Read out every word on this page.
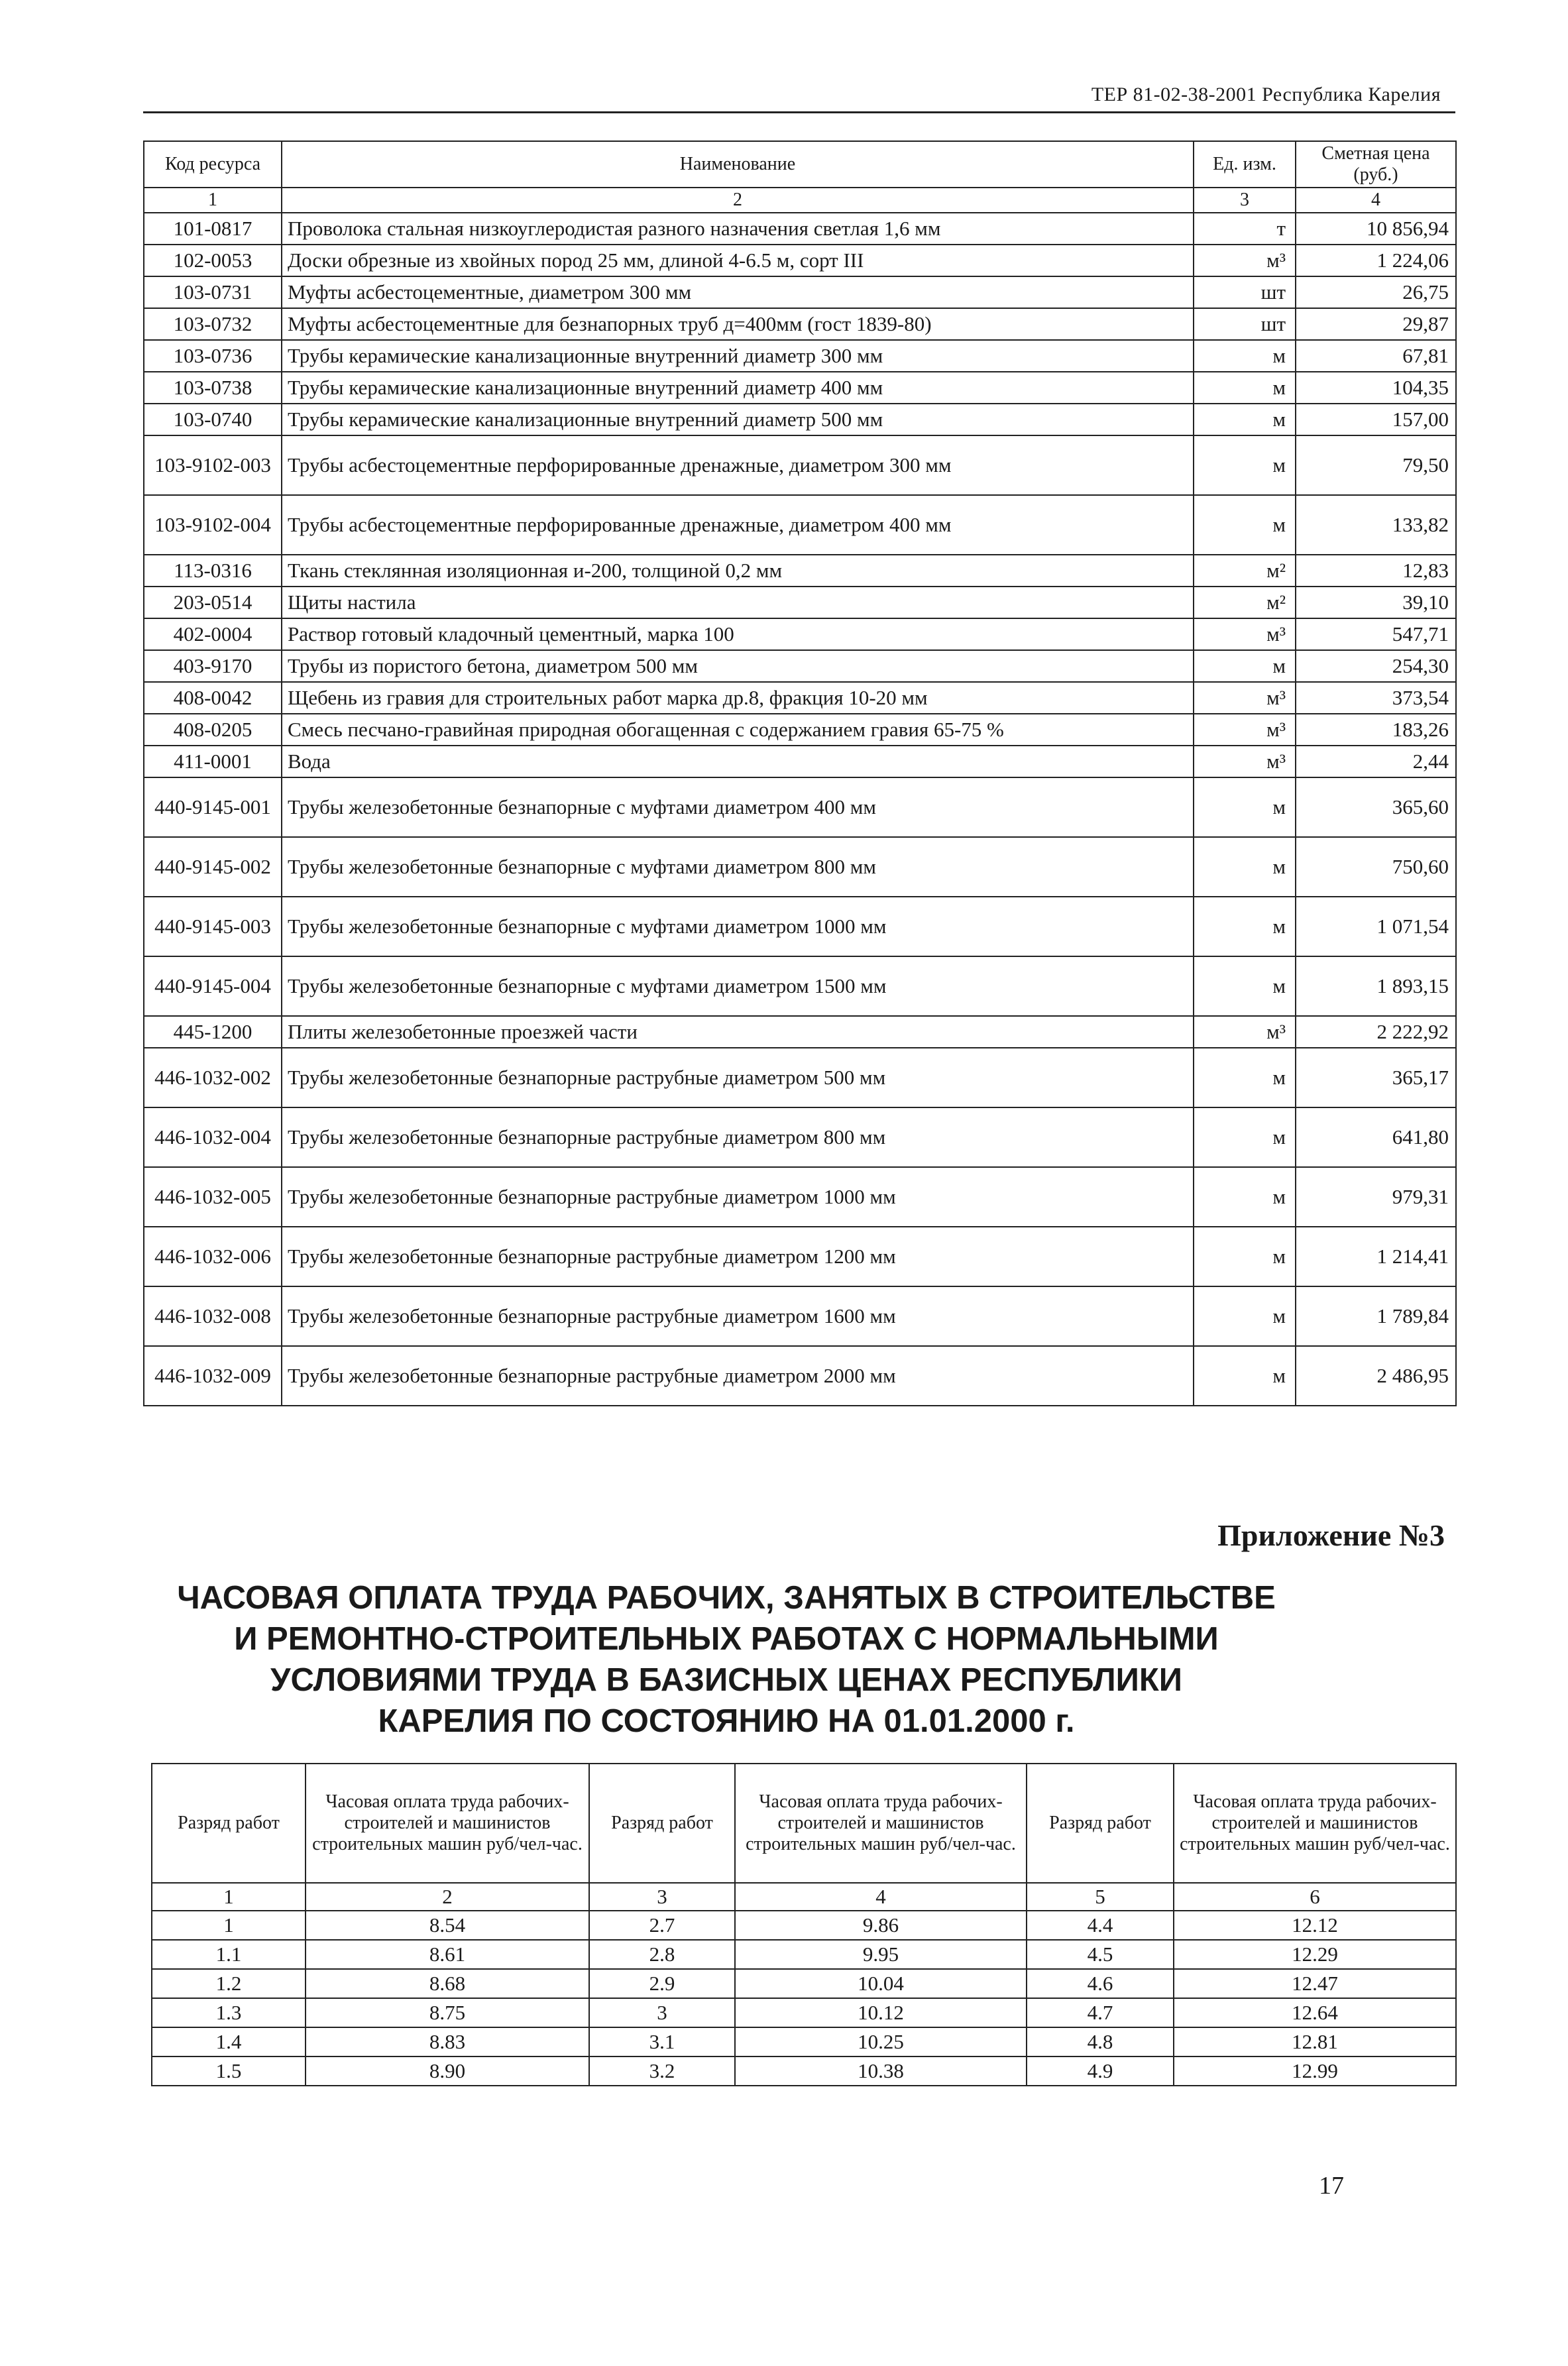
ТЕР 81-02-38-2001 Республика Карелия
Код ресурса	Наименование	Ед. изм.	Сметная цена (руб.)
1	2	3	4
101-0817	Проволока стальная низкоуглеродистая разного назначения светлая 1,6 мм	т	10 856,94
102-0053	Доски обрезные из хвойных пород 25 мм, длиной 4-6.5 м, сорт III	м³	1 224,06
103-0731	Муфты асбестоцементные, диаметром 300 мм	шт	26,75
103-0732	Муфты асбестоцементные для безнапорных труб д=400мм (гост 1839-80)	шт	29,87
103-0736	Трубы керамические канализационные внутренний диаметр 300 мм	м	67,81
103-0738	Трубы керамические канализационные внутренний диаметр 400 мм	м	104,35
103-0740	Трубы керамические канализационные внутренний диаметр 500 мм	м	157,00
103-9102-003	Трубы асбестоцементные перфорированные дренажные, диаметром 300 мм	м	79,50
103-9102-004	Трубы асбестоцементные перфорированные дренажные, диаметром 400 мм	м	133,82
113-0316	Ткань стеклянная изоляционная и-200, толщиной 0,2 мм	м²	12,83
203-0514	Щиты настила	м²	39,10
402-0004	Раствор готовый кладочный цементный, марка 100	м³	547,71
403-9170	Трубы из пористого бетона, диаметром 500 мм	м	254,30
408-0042	Щебень из гравия для строительных работ марка др.8, фракция 10-20 мм	м³	373,54
408-0205	Смесь песчано-гравийная природная обогащенная с содержанием гравия 65-75 %	м³	183,26
411-0001	Вода	м³	2,44
440-9145-001	Трубы железобетонные безнапорные с муфтами диаметром 400 мм	м	365,60
440-9145-002	Трубы железобетонные безнапорные с муфтами диаметром 800 мм	м	750,60
440-9145-003	Трубы железобетонные безнапорные с муфтами диаметром 1000 мм	м	1 071,54
440-9145-004	Трубы железобетонные безнапорные с муфтами диаметром 1500 мм	м	1 893,15
445-1200	Плиты железобетонные проезжей части	м³	2 222,92
446-1032-002	Трубы железобетонные безнапорные раструбные диаметром 500 мм	м	365,17
446-1032-004	Трубы железобетонные безнапорные раструбные диаметром 800 мм	м	641,80
446-1032-005	Трубы железобетонные безнапорные раструбные диаметром 1000 мм	м	979,31
446-1032-006	Трубы железобетонные безнапорные раструбные диаметром 1200 мм	м	1 214,41
446-1032-008	Трубы железобетонные безнапорные раструбные диаметром 1600 мм	м	1 789,84
446-1032-009	Трубы железобетонные безнапорные раструбные диаметром 2000 мм	м	2 486,95
Приложение №3
ЧАСОВАЯ ОПЛАТА ТРУДА РАБОЧИХ, ЗАНЯТЫХ В СТРОИТЕЛЬСТВЕ
И РЕМОНТНО-СТРОИТЕЛЬНЫХ РАБОТАХ С НОРМАЛЬНЫМИ
УСЛОВИЯМИ ТРУДА В БАЗИСНЫХ ЦЕНАХ РЕСПУБЛИКИ
КАРЕЛИЯ ПО СОСТОЯНИЮ НА 01.01.2000 г.
Разряд работ	Часовая оплата труда рабочих-строителей и машинистов строительных машин руб/чел-час.	Разряд работ	Часовая оплата труда рабочих-строителей и машинистов строительных машин руб/чел-час.	Разряд работ	Часовая оплата труда рабочих-строителей и машинистов строительных машин руб/чел-час.
1	2	3	4	5	6
1	8.54	2.7	9.86	4.4	12.12
1.1	8.61	2.8	9.95	4.5	12.29
1.2	8.68	2.9	10.04	4.6	12.47
1.3	8.75	3	10.12	4.7	12.64
1.4	8.83	3.1	10.25	4.8	12.81
1.5	8.90	3.2	10.38	4.9	12.99
17
